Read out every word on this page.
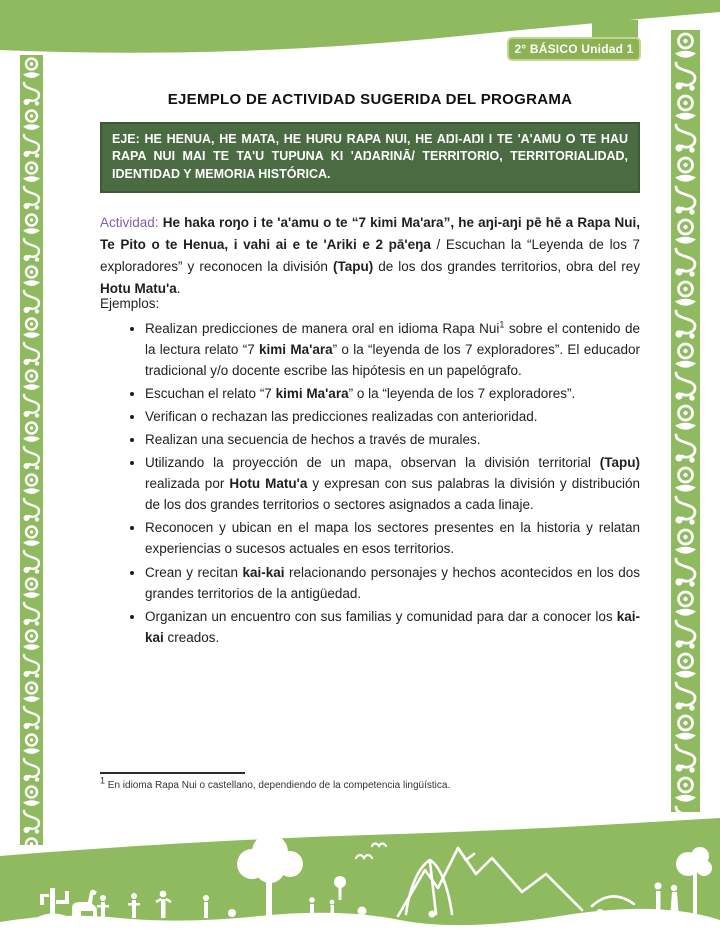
2° BÁSICO Unidad 1
EJEMPLO DE ACTIVIDAD SUGERIDA DEL PROGRAMA
EJE: HE HENUA, HE MATA, HE HURU RAPA NUI, HE AŊI-AŊI I TE 'A'AMU O TE HAU RAPA NUI MAI TE TA'U TUPUNA KI 'AŊARINĀ/ TERRITORIO, TERRITORIALIDAD, IDENTIDAD Y MEMORIA HISTÓRICA.

Actividad: He haka roŋo i te 'a'amu o te “7 kimi Ma'ara”, he aŋi-aŋi pē hē a Rapa Nui, Te Pito o te Henua, i vahi ai e te 'Ariki e 2 pā'eŋa / Escuchan la “Leyenda de los 7 exploradores” y reconocen la división (Tapu) de los dos grandes territorios, obra del rey Hotu Matu'a.

Ejemplos:

• Realizan predicciones de manera oral en idioma Rapa Nui$^1$ sobre el contenido de la lectura relato “7 kimi Ma'ara” o la “leyenda de los 7 exploradores”. El educador tradicional y/o docente escribe las hipótesis en un papelógrafo.
• Escuchan el relato “7 kimi Ma'ara” o la “leyenda de los 7 exploradores”.
• Verifican o rechazan las predicciones realizadas con anterioridad.
• Realizan una secuencia de hechos a través de murales.
• Utilizando la proyección de un mapa, observan la división territorial (Tapu) realizada por Hotu Matu'a y expresan con sus palabras la división y distribución de los dos grandes territorios o sectores asignados a cada linaje.
• Reconocen y ubican en el mapa los sectores presentes en la historia y relatan experiencias o sucesos actuales en esos territorios.
• Crean y recitan kai-kai relacionando personajes y hechos acontecidos en los dos grandes territorios de la antigüedad.
• Organizan un encuentro con sus familias y comunidad para dar a conocer los kai-kai creados.

$^1$ En idioma Rapa Nui o castellano, dependiendo de la competencia lingüística.
